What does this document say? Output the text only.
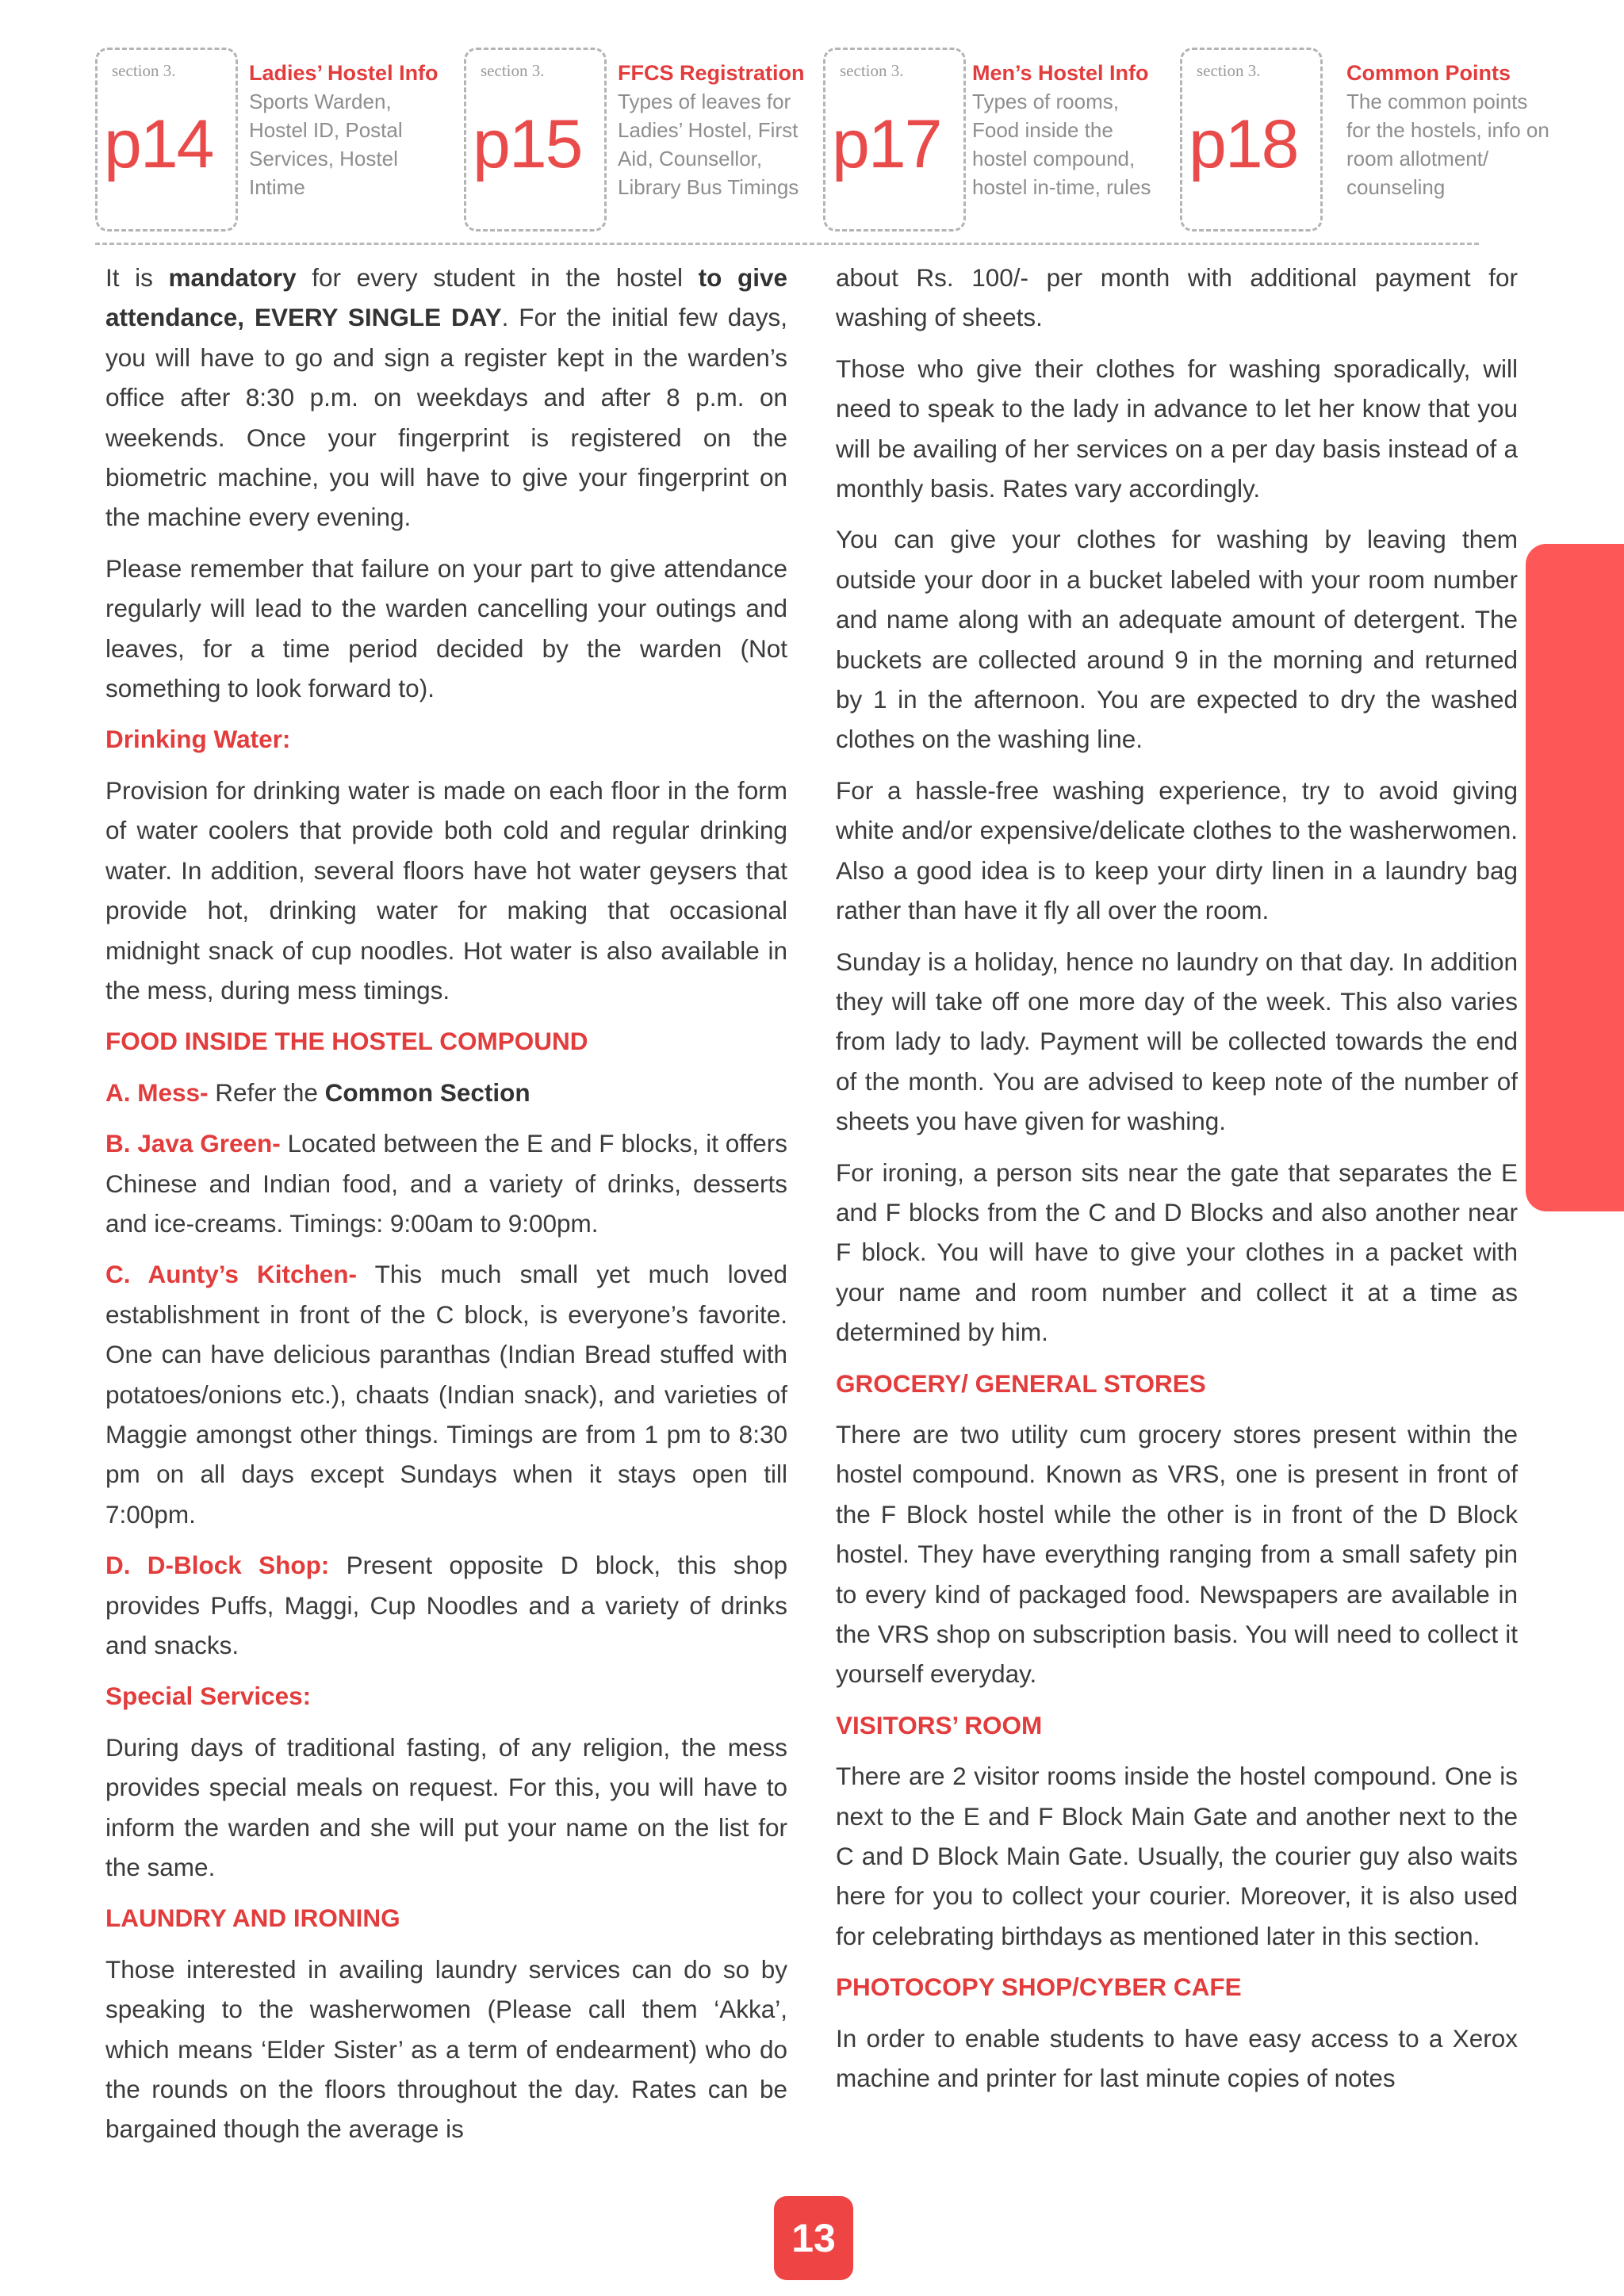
section 3.
p14
Ladies’ Hostel Info
Sports Warden,
Hostel ID, Postal
Services, Hostel
Intime
section 3.
p15
FFCS Registration
Types of leaves for
Ladies’ Hostel, First
Aid, Counsellor,
Library Bus Timings
section 3.
p17
Men’s Hostel Info
Types of rooms,
Food inside the
hostel compound,
hostel in-time, rules
section 3.
p18
Common Points
The common points
for the hostels, info on
room allotment/
counseling

It is mandatory for every student in the hostel to give attendance, EVERY SINGLE DAY. For the initial few days, you will have to go and sign a register kept in the warden’s office after 8:30 p.m. on weekdays and after 8 p.m. on weekends. Once your fingerprint is registered on the biometric machine, you will have to give your fingerprint on the machine every evening.

Please remember that failure on your part to give attendance regularly will lead to the warden cancelling your outings and leaves, for a time period decided by the warden (Not something to look forward to).

Drinking Water:

Provision for drinking water is made on each floor in the form of water coolers that provide both cold and regular drinking water. In addition, several floors have hot water geysers that provide hot, drinking water for making that occasional midnight snack of cup noodles. Hot water is also available in the mess, during mess timings.

FOOD INSIDE THE HOSTEL COMPOUND

A. Mess- Refer the Common Section

B. Java Green- Located between the E and F blocks, it offers Chinese and Indian food, and a variety of drinks, desserts and ice-creams. Timings: 9:00am to 9:00pm.

C. Aunty’s Kitchen- This much small yet much loved establishment in front of the C block, is everyone’s favorite. One can have delicious paranthas (Indian Bread stuffed with potatoes/onions etc.), chaats (Indian snack), and varieties of Maggie amongst other things. Timings are from 1 pm to 8:30 pm on all days except Sundays when it stays open till 7:00pm.

D. D-Block Shop: Present opposite D block, this shop provides Puffs, Maggi, Cup Noodles and a variety of drinks and snacks.

Special Services:

During days of traditional fasting, of any religion, the mess provides special meals on request. For this, you will have to inform the warden and she will put your name on the list for the same.

LAUNDRY AND IRONING

Those interested in availing laundry services can do so by speaking to the washerwomen (Please call them ‘Akka’, which means ‘Elder Sister’ as a term of endearment) who do the rounds on the floors throughout the day. Rates can be bargained though the average is

about Rs. 100/- per month with additional payment for washing of sheets.

Those who give their clothes for washing sporadically, will need to speak to the lady in advance to let her know that you will be availing of her services on a per day basis instead of a monthly basis. Rates vary accordingly.

You can give your clothes for washing by leaving them outside your door in a bucket labeled with your room number and name along with an adequate amount of detergent. The buckets are collected around 9 in the morning and returned by 1 in the afternoon. You are expected to dry the washed clothes on the washing line.

For a hassle-free washing experience, try to avoid giving white and/or expensive/delicate clothes to the washerwomen. Also a good idea is to keep your dirty linen in a laundry bag rather than have it fly all over the room.

Sunday is a holiday, hence no laundry on that day. In addition they will take off one more day of the week. This also varies from lady to lady. Payment will be collected towards the end of the month. You are advised to keep note of the number of sheets you have given for washing.

For ironing, a person sits near the gate that separates the E and F blocks from the C and D Blocks and also another near F block. You will have to give your clothes in a packet with your name and room number and collect it at a time as determined by him.

GROCERY/ GENERAL STORES

There are two utility cum grocery stores present within the hostel compound. Known as VRS, one is present in front of the F Block hostel while the other is in front of the D Block hostel. They have everything ranging from a small safety pin to every kind of packaged food. Newspapers are available in the VRS shop on subscription basis. You will need to collect it yourself everyday.

VISITORS’ ROOM

There are 2 visitor rooms inside the hostel compound. One is next to the E and F Block Main Gate and another next to the C and D Block Main Gate. Usually, the courier guy also waits here for you to collect your courier. Moreover, it is also used for celebrating birthdays as mentioned later in this section.

PHOTOCOPY SHOP/CYBER CAFE

In order to enable students to have easy access to a Xerox machine and printer for last minute copies of notes

13
